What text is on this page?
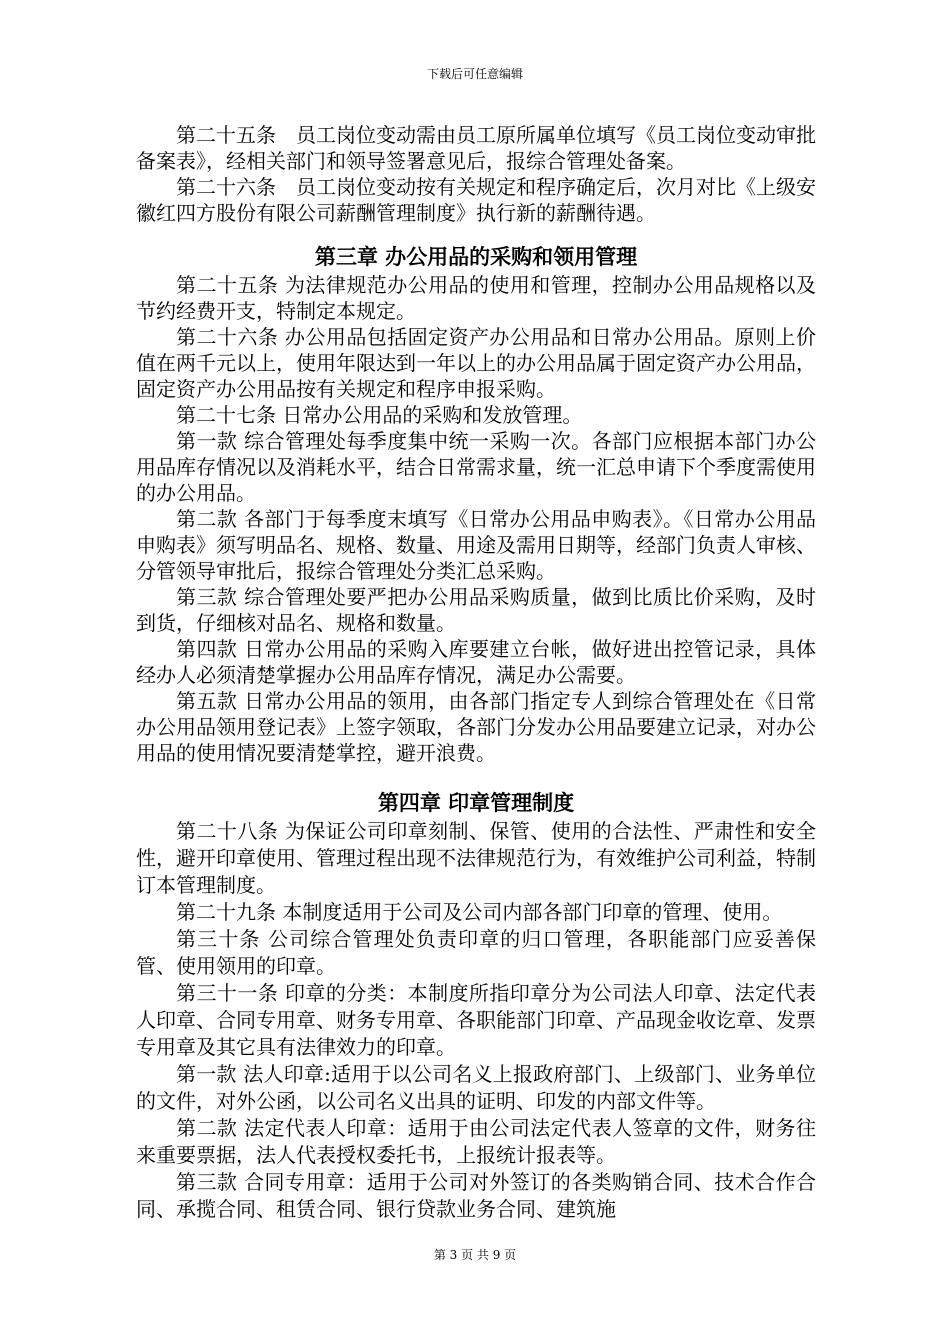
下载后可任意编辑

第二十五条　员工岗位变动需由员工原所属单位填写《员工岗位变动审批备案表》，经相关部门和领导签署意见后，报综合管理处备案。

第二十六条　员工岗位变动按有关规定和程序确定后，次月对比《上级安徽红四方股份有限公司薪酬管理制度》执行新的薪酬待遇。

第三章 办公用品的采购和领用管理

第二十五条 为法律规范办公用品的使用和管理，控制办公用品规格以及节约经费开支，特制定本规定。

第二十六条 办公用品包括固定资产办公用品和日常办公用品。原则上价值在两千元以上，使用年限达到一年以上的办公用品属于固定资产办公用品，固定资产办公用品按有关规定和程序申报采购。

第二十七条 日常办公用品的采购和发放管理。

第一款 综合管理处每季度集中统一采购一次。各部门应根据本部门办公用品库存情况以及消耗水平，结合日常需求量，统一汇总申请下个季度需使用的办公用品。

第二款 各部门于每季度末填写《日常办公用品申购表》。《日常办公用品申购表》须写明品名、规格、数量、用途及需用日期等，经部门负责人审核、分管领导审批后，报综合管理处分类汇总采购。

第三款 综合管理处要严把办公用品采购质量，做到比质比价采购，及时到货，仔细核对品名、规格和数量。

第四款 日常办公用品的采购入库要建立台帐，做好进出控管记录，具体经办人必须清楚掌握办公用品库存情况，满足办公需要。

第五款 日常办公用品的领用，由各部门指定专人到综合管理处在《日常办公用品领用登记表》上签字领取，各部门分发办公用品要建立记录，对办公用品的使用情况要清楚掌控，避开浪费。

第四章 印章管理制度

第二十八条 为保证公司印章刻制、保管、使用的合法性、严肃性和安全性，避开印章使用、管理过程出现不法律规范行为，有效维护公司利益，特制订本管理制度。

第二十九条 本制度适用于公司及公司内部各部门印章的管理、使用。

第三十条 公司综合管理处负责印章的归口管理，各职能部门应妥善保管、使用领用的印章。

第三十一条 印章的分类：本制度所指印章分为公司法人印章、法定代表人印章、合同专用章、财务专用章、各职能部门印章、产品现金收讫章、发票专用章及其它具有法律效力的印章。

第一款 法人印章:适用于以公司名义上报政府部门、上级部门、业务单位的文件，对外公函，以公司名义出具的证明、印发的内部文件等。

第二款 法定代表人印章：适用于由公司法定代表人签章的文件，财务往来重要票据，法人代表授权委托书，上报统计报表等。

第三款 合同专用章：适用于公司对外签订的各类购销合同、技术合作合同、承揽合同、租赁合同、银行贷款业务合同、建筑施

第 3 页 共 9 页
